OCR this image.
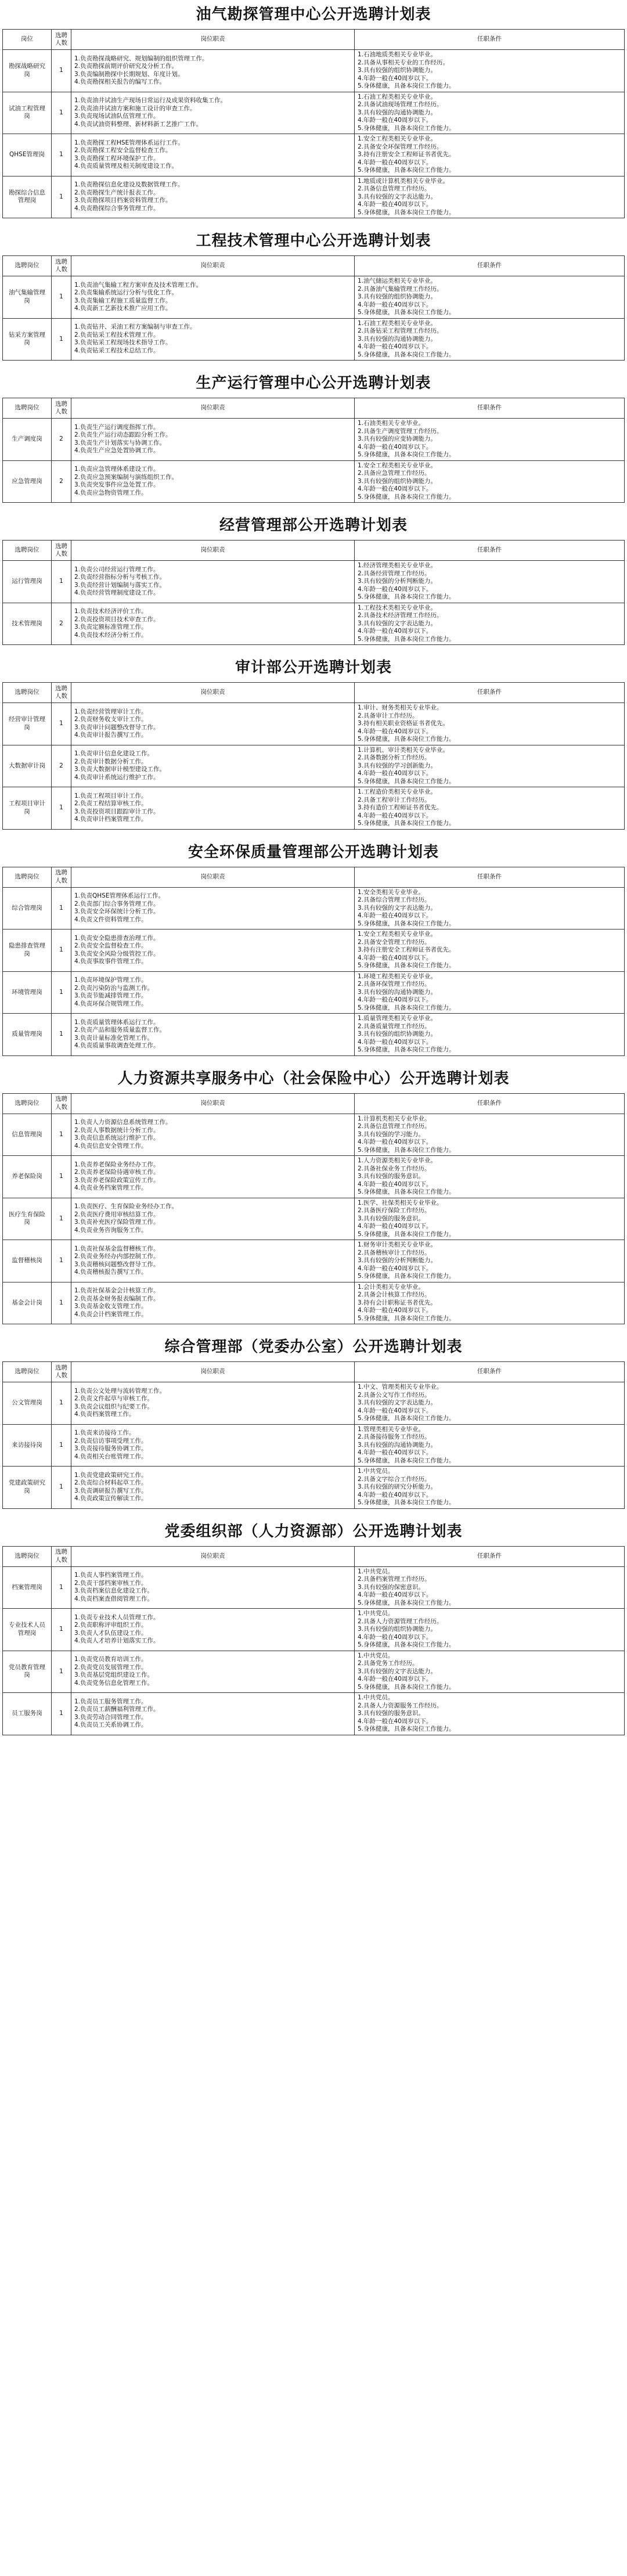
油气勘探管理中心公开选聘计划表
岗位	选聘人数	岗位职责	任职条件
勘探战略研究岗	1	1.负责勘探战略研究、规划编制的组织管理工作。
2.负责勘探前期评价研究及分析工作。
3.负责编制勘探中长期规划、年度计划。
4.负责勘探相关报告的编写工作。	1.石油地质类相关专业毕业。
2.具备从事相关专业的工作经历。
3.具有较强的组织协调能力。
4.年龄一般在40周岁以下。
5.身体健康，具备本岗位工作能力。

试油工程管理岗	1	1.负责油井试油生产现场日常运行及成果资料收集工作。
2.负责油井试油方案和施工设计的审查工作。
3.负责现场试油队伍管理工作。
4.负责试油资料整理、新材料新工艺推广工作。	1.石油工程类相关专业毕业。
2.具备试油现场管理工作经历。
3.具有较强的沟通协调能力。
4.年龄一般在40周岁以下。
5.身体健康，具备本岗位工作能力。

QHSE管理岗	1	1.负责勘探工程HSE管理体系运行工作。
2.负责勘探工程安全监督检查工作。
3.负责勘探工程环境保护工作。
4.负责质量管理及相关制度建设工作。	1.安全工程类相关专业毕业。
2.具备安全环保管理工作经历。
3.持有注册安全工程师证书者优先。
4.年龄一般在40周岁以下。
5.身体健康，具备本岗位工作能力。

勘探综合信息管理岗	1	1.负责勘探信息化建设及数据管理工作。
2.负责勘探生产统计报表工作。
3.负责勘探项目档案资料管理工作。
4.负责勘探综合事务管理工作。	1.地质或计算机类相关专业毕业。
2.具备信息管理工作经历。
3.具有较强的文字表达能力。
4.年龄一般在40周岁以下。
5.身体健康，具备本岗位工作能力。
工程技术管理中心公开选聘计划表
选聘岗位	选聘人数	岗位职责	任职条件
油气集输管理岗	1	1.负责油气集输工程方案审查及技术管理工作。
2.负责集输系统运行分析与优化工作。
3.负责集输工程施工质量监督工作。
4.负责新工艺新技术推广应用工作。	1.油气储运类相关专业毕业。
2.具备油气集输管理工作经历。
3.具有较强的组织协调能力。
4.年龄一般在40周岁以下。
5.身体健康，具备本岗位工作能力。

钻采方案管理岗	1	1.负责钻井、采油工程方案编制与审查工作。
2.负责钻采工程技术管理工作。
3.负责钻采工程现场技术指导工作。
4.负责钻采工程技术总结工作。	1.石油工程类相关专业毕业。
2.具备钻采工程管理工作经历。
3.具有较强的沟通协调能力。
4.年龄一般在40周岁以下。
5.身体健康，具备本岗位工作能力。
生产运行管理中心公开选聘计划表
选聘岗位	选聘人数	岗位职责	任职条件
生产调度岗	2	1.负责生产运行调度指挥工作。
2.负责生产运行动态跟踪分析工作。
3.负责生产计划落实与协调工作。
4.负责生产应急处置协调工作。	1.石油类相关专业毕业。
2.具备生产调度管理工作经历。
3.具有较强的应变协调能力。
4.年龄一般在40周岁以下。
5.身体健康，具备本岗位工作能力。

应急管理岗	2	1.负责应急管理体系建设工作。
2.负责应急预案编制与演练组织工作。
3.负责突发事件应急处置工作。
4.负责应急物资管理工作。	1.安全工程类相关专业毕业。
2.具备应急管理工作经历。
3.具有较强的组织协调能力。
4.年龄一般在40周岁以下。
5.身体健康，具备本岗位工作能力。
经营管理部公开选聘计划表
选聘岗位	选聘人数	岗位职责	任职条件
运行管理岗	1	1.负责公司经营运行管理工作。
2.负责经营指标分析与考核工作。
3.负责经营计划编制与落实工作。
4.负责经营管理制度建设工作。	1.经济管理类相关专业毕业。
2.具备经营管理工作经历。
3.具有较强的分析判断能力。
4.年龄一般在40周岁以下。
5.身体健康，具备本岗位工作能力。

技术管理岗	2	1.负责技术经济评价工作。
2.负责投资项目技术审查工作。
3.负责定额标准管理工作。
4.负责技术经济分析工作。	1.工程技术类相关专业毕业。
2.具备技术经济管理工作经历。
3.具有较强的文字表达能力。
4.年龄一般在40周岁以下。
5.身体健康，具备本岗位工作能力。
审计部公开选聘计划表
选聘岗位	选聘人数	岗位职责	任职条件
经营审计管理岗	1	1.负责经营管理审计工作。
2.负责财务收支审计工作。
3.负责审计问题整改督导工作。
4.负责审计报告撰写工作。	1.审计、财务类相关专业毕业。
2.具备审计工作经历。
3.持有相关职业资格证书者优先。
4.年龄一般在40周岁以下。
5.身体健康，具备本岗位工作能力。

大数据审计岗	2	1.负责审计信息化建设工作。
2.负责审计数据分析工作。
3.负责大数据审计模型建设工作。
4.负责审计系统运行维护工作。	1.计算机、审计类相关专业毕业。
2.具备数据分析工作经历。
3.具有较强的学习创新能力。
4.年龄一般在40周岁以下。
5.身体健康，具备本岗位工作能力。

工程项目审计岗	1	1.负责工程项目审计工作。
2.负责工程结算审核工作。
3.负责投资项目跟踪审计工作。
4.负责审计档案管理工作。	1.工程造价类相关专业毕业。
2.具备工程审计工作经历。
3.持有造价工程师证书者优先。
4.年龄一般在40周岁以下。
5.身体健康，具备本岗位工作能力。
安全环保质量管理部公开选聘计划表
选聘岗位	选聘人数	岗位职责	任职条件
综合管理岗	1	1.负责QHSE管理体系运行工作。
2.负责部门综合事务管理工作。
3.负责安全环保统计分析工作。
4.负责文件资料管理工作。	1.安全类相关专业毕业。
2.具备综合管理工作经历。
3.具有较强的文字表达能力。
4.年龄一般在40周岁以下。
5.身体健康，具备本岗位工作能力。

隐患排查管理岗	1	1.负责安全隐患排查治理工作。
2.负责安全监督检查工作。
3.负责安全风险分级管控工作。
4.负责事故事件管理工作。	1.安全工程类相关专业毕业。
2.具备安全管理工作经历。
3.持有注册安全工程师证书者优先。
4.年龄一般在40周岁以下。
5.身体健康，具备本岗位工作能力。

环境管理岗	1	1.负责环境保护管理工作。
2.负责污染防治与监测工作。
3.负责节能减排管理工作。
4.负责环保合规管理工作。	1.环境工程类相关专业毕业。
2.具备环保管理工作经历。
3.具有较强的沟通协调能力。
4.年龄一般在40周岁以下。
5.身体健康，具备本岗位工作能力。

质量管理岗	1	1.负责质量管理体系运行工作。
2.负责产品和服务质量监督工作。
3.负责计量标准化管理工作。
4.负责质量事故调查处理工作。	1.质量管理类相关专业毕业。
2.具备质量管理工作经历。
3.具有较强的组织协调能力。
4.年龄一般在40周岁以下。
5.身体健康，具备本岗位工作能力。
人力资源共享服务中心（社会保险中心）公开选聘计划表
选聘岗位	选聘人数	岗位职责	任职条件
信息管理岗	1	1.负责人力资源信息系统管理工作。
2.负责人事数据统计分析工作。
3.负责信息系统运行维护工作。
4.负责信息安全管理工作。	1.计算机类相关专业毕业。
2.具备信息管理工作经历。
3.具有较强的学习能力。
4.年龄一般在40周岁以下。
5.身体健康，具备本岗位工作能力。

养老保险岗	1	1.负责养老保险业务经办工作。
2.负责养老保险待遇审核工作。
3.负责养老保险政策宣传工作。
4.负责业务档案管理工作。	1.人力资源类相关专业毕业。
2.具备社保业务工作经历。
3.具有较强的服务意识。
4.年龄一般在40周岁以下。
5.身体健康，具备本岗位工作能力。

医疗生育保险岗	1	1.负责医疗、生育保险业务经办工作。
2.负责医疗费用审核结算工作。
3.负责补充医疗保险管理工作。
4.负责业务咨询服务工作。	1.医学、社保类相关专业毕业。
2.具备医疗保险工作经历。
3.具有较强的服务意识。
4.年龄一般在40周岁以下。
5.身体健康，具备本岗位工作能力。

监督稽核岗	1	1.负责社保基金监督稽核工作。
2.负责业务经办内部控制工作。
3.负责稽核问题整改督导工作。
4.负责稽核报告撰写工作。	1.财务审计类相关专业毕业。
2.具备稽核审计工作经历。
3.具有较强的分析判断能力。
4.年龄一般在40周岁以下。
5.身体健康，具备本岗位工作能力。

基金会计岗	1	1.负责社保基金会计核算工作。
2.负责基金财务报表编制工作。
3.负责基金收支管理工作。
4.负责会计档案管理工作。	1.会计类相关专业毕业。
2.具备会计核算工作经历。
3.持有会计职称证书者优先。
4.年龄一般在40周岁以下。
5.身体健康，具备本岗位工作能力。
综合管理部（党委办公室）公开选聘计划表
选聘岗位	选聘人数	岗位职责	任职条件
公文管理岗	1	1.负责公文处理与流转管理工作。
2.负责文件起草与审核工作。
3.负责会议组织与纪要工作。
4.负责档案管理工作。	1.中文、管理类相关专业毕业。
2.具备公文写作工作经历。
3.具有较强的文字表达能力。
4.年龄一般在40周岁以下。
5.身体健康，具备本岗位工作能力。

来访接待岗	1	1.负责来访接待工作。
2.负责信访事项受理工作。
3.负责接待服务协调工作。
4.负责相关台账管理工作。	1.管理类相关专业毕业。
2.具备接待服务工作经历。
3.具有较强的沟通协调能力。
4.年龄一般在40周岁以下。
5.身体健康，具备本岗位工作能力。

党建政策研究岗	1	1.负责党建政策研究工作。
2.负责综合材料起草工作。
3.负责调研报告撰写工作。
4.负责政策宣传解读工作。	1.中共党员。
2.具备文字综合工作经历。
3.具有较强的研究分析能力。
4.年龄一般在40周岁以下。
5.身体健康，具备本岗位工作能力。
党委组织部（人力资源部）公开选聘计划表
选聘岗位	选聘人数	岗位职责	任职条件
档案管理岗	1	1.负责人事档案管理工作。
2.负责干部档案审核工作。
3.负责档案信息化建设工作。
4.负责档案查借阅管理工作。	1.中共党员。
2.具备档案管理工作经历。
3.具有较强的保密意识。
4.年龄一般在40周岁以下。
5.身体健康，具备本岗位工作能力。

专业技术人员管理岗	1	1.负责专业技术人员管理工作。
2.负责职称评审组织工作。
3.负责人才队伍建设工作。
4.负责人才培养计划落实工作。	1.中共党员。
2.具备人力资源管理工作经历。
3.具有较强的组织协调能力。
4.年龄一般在40周岁以下。
5.身体健康，具备本岗位工作能力。

党员教育管理岗	1	1.负责党员教育培训工作。
2.负责党员发展管理工作。
3.负责基层党组织建设工作。
4.负责党务信息化管理工作。	1.中共党员。
2.具备党务工作经历。
3.具有较强的文字表达能力。
4.年龄一般在40周岁以下。
5.身体健康，具备本岗位工作能力。

员工服务岗	1	1.负责员工服务管理工作。
2.负责员工薪酬福利管理工作。
3.负责劳动合同管理工作。
4.负责员工关系协调工作。	1.中共党员。
2.具备人力资源服务工作经历。
3.具有较强的服务意识。
4.年龄一般在40周岁以下。
5.身体健康，具备本岗位工作能力。
